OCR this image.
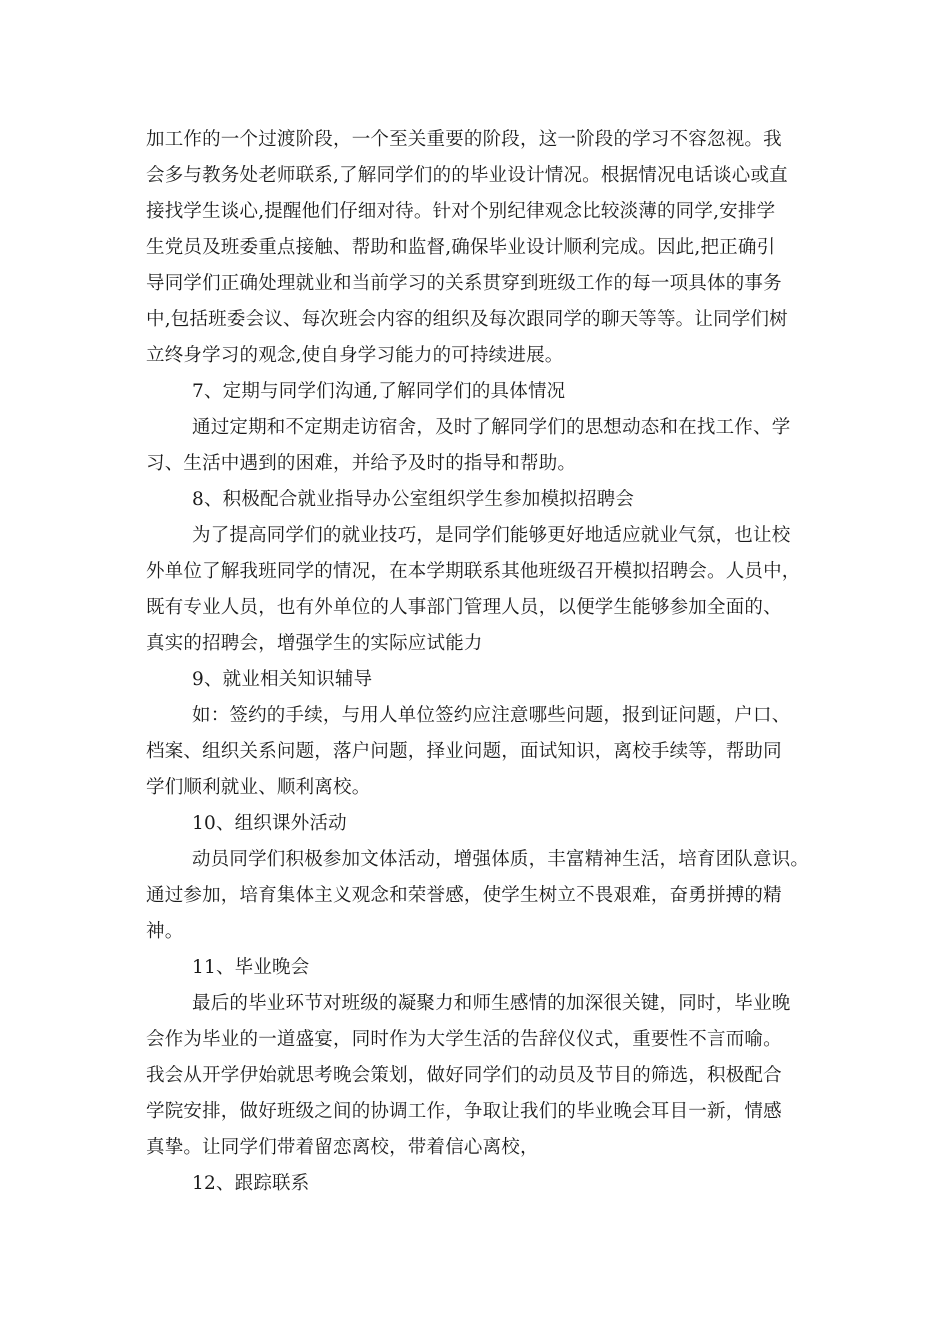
加工作的一个过渡阶段，一个至关重要的阶段，这一阶段的学习不容忽视。我
会多与教务处老师联系,了解同学们的的毕业设计情况。根据情况电话谈心或直
接找学生谈心,提醒他们仔细对待。针对个别纪律观念比较淡薄的同学,安排学
生党员及班委重点接触、帮助和监督,确保毕业设计顺利完成。因此,把正确引
导同学们正确处理就业和当前学习的关系贯穿到班级工作的每一项具体的事务
中,包括班委会议、每次班会内容的组织及每次跟同学的聊天等等。让同学们树
立终身学习的观念,使自身学习能力的可持续进展。
7、定期与同学们沟通,了解同学们的具体情况
通过定期和不定期走访宿舍，及时了解同学们的思想动态和在找工作、学
习、生活中遇到的困难，并给予及时的指导和帮助。
8、积极配合就业指导办公室组织学生参加模拟招聘会
为了提高同学们的就业技巧，是同学们能够更好地适应就业气氛，也让校
外单位了解我班同学的情况，在本学期联系其他班级召开模拟招聘会。人员中，
既有专业人员，也有外单位的人事部门管理人员，以便学生能够参加全面的、
真实的招聘会，增强学生的实际应试能力
9、就业相关知识辅导
如：签约的手续，与用人单位签约应注意哪些问题，报到证问题，户口、
档案、组织关系问题，落户问题，择业问题，面试知识，离校手续等，帮助同
学们顺利就业、顺利离校。
10、组织课外活动
动员同学们积极参加文体活动，增强体质，丰富精神生活，培育团队意识。
通过参加，培育集体主义观念和荣誉感，使学生树立不畏艰难，奋勇拼搏的精
神。
11、毕业晚会
最后的毕业环节对班级的凝聚力和师生感情的加深很关键，同时，毕业晚
会作为毕业的一道盛宴，同时作为大学生活的告辞仪仪式，重要性不言而喻。
我会从开学伊始就思考晚会策划，做好同学们的动员及节目的筛选，积极配合
学院安排，做好班级之间的协调工作，争取让我们的毕业晚会耳目一新，情感
真挚。让同学们带着留恋离校，带着信心离校，
12、跟踪联系
